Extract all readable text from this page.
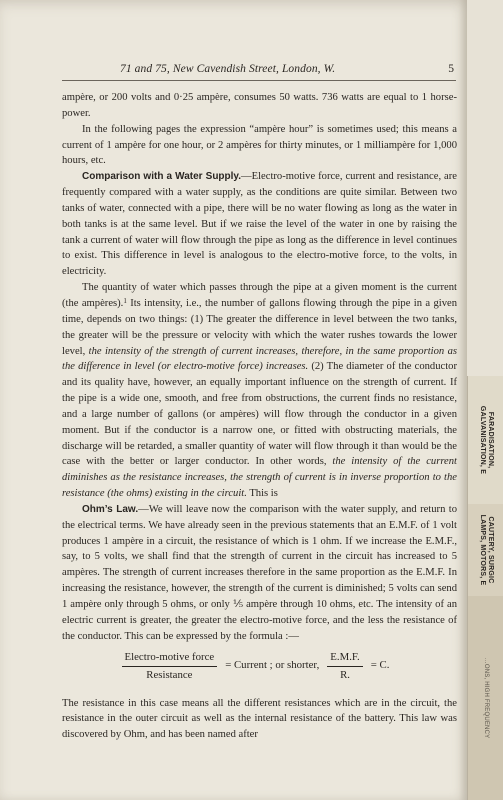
71 and 75, New Cavendish Street, London, W.	5

ampère, or 200 volts and 0·25 ampère, consumes 50 watts. 736 watts are equal to 1 horse-power.

In the following pages the expression “ampère hour” is sometimes used; this means a current of 1 ampère for one hour, or 2 ampères for thirty minutes, or 1 milliampère for 1,000 hours, etc.

Comparison with a Water Supply.—Electro-motive force, current and resistance, are frequently compared with a water supply, as the conditions are quite similar. Between two tanks of water, connected with a pipe, there will be no water flowing as long as the water in both tanks is at the same level. But if we raise the level of the water in one by raising the tank a current of water will flow through the pipe as long as the difference in level continues to exist. This difference in level is analogous to the electro-motive force, to the volts, in electricity.

The quantity of water which passes through the pipe at a given moment is the current (the ampères).$^1$ Its intensity, i.e., the number of gallons flowing through the pipe in a given time, depends on two things: (1) The greater the difference in level between the two tanks, the greater will be the pressure or velocity with which the water rushes towards the lower level, the intensity of the strength of current increases, therefore, in the same proportion as the difference in level (or electro-motive force) increases. (2) The diameter of the conductor and its quality have, however, an equally important influence on the strength of current. If the pipe is a wide one, smooth, and free from obstructions, the current finds no resistance, and a large number of gallons (or ampères) will flow through the conductor in a given moment. But if the conductor is a narrow one, or fitted with obstructing materials, the discharge will be retarded, a smaller quantity of water will flow through it than would be the case with the better or larger conductor. In other words, the intensity of the current diminishes as the resistance increases, the strength of current is in inverse proportion to the resistance (the ohms) existing in the circuit. This is

Ohm’s Law.—We will leave now the comparison with the water supply, and return to the electrical terms. We have already seen in the previous statements that an E.M.F. of 1 volt produces 1 ampère in a circuit, the resistance of which is 1 ohm. If we increase the E.M.F., say, to 5 volts, we shall find that the strength of current in the circuit has increased to 5 ampères. The strength of current increases therefore in the same proportion as the E.M.F. In increasing the resistance, however, the strength of the current is diminished; 5 volts can send 1 ampère only through 5 ohms, or only ⅕ ampère through 10 ohms, etc. The intensity of an electric current is greater, the greater the electro-motive force, and the less the resistance of the conductor. This can be expressed by the formula :—

$\frac{\text{Electro-motive force}}{\text{Resistance}}$ = Current ; or shorter, $\frac{E.M.F.}{R.} = C$.

The resistance in this case means all the different resistances which are in the circuit, the resistance in the outer circuit as well as the internal resistance of the battery. This law was discovered by Ohm, and has been named after

FARADISATION,
GALVANISATION, E
CAUTERY, SURGIC
LAMPS, MOTORS, E
…ONS, HIGH FREQUENCY
